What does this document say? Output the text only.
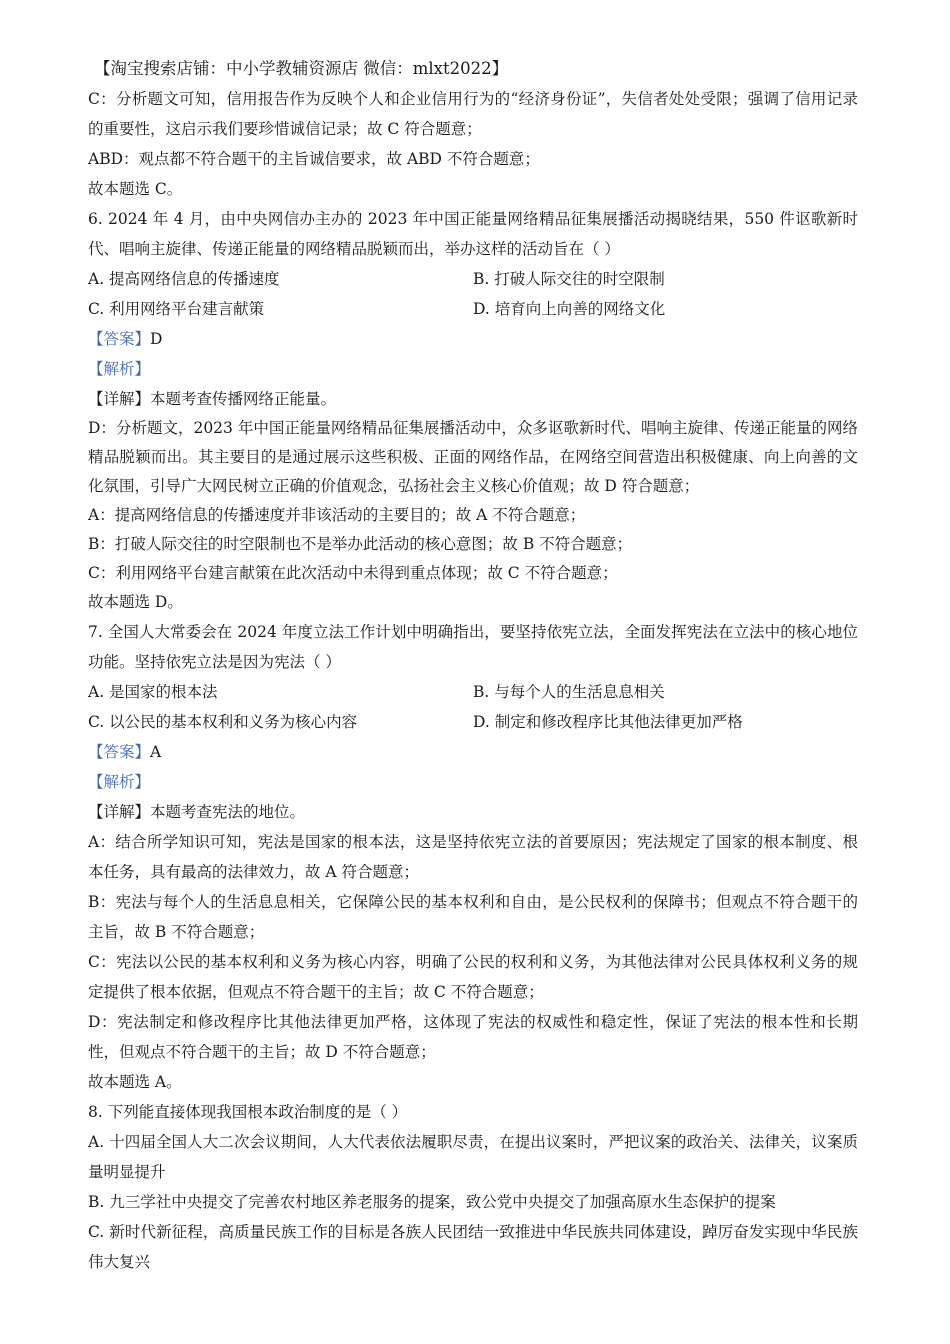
【淘宝搜索店铺：中小学教辅资源店 微信：mlxt2022】
C：分析题文可知，信用报告作为反映个人和企业信用行为的“经济身份证”，失信者处处受限；强调了信用记录的重要性，这启示我们要珍惜诚信记录；故 C 符合题意；
ABD：观点都不符合题干的主旨诚信要求，故 ABD 不符合题意；
故本题选 C。
6. 2024 年 4 月，由中央网信办主办的 2023 年中国正能量网络精品征集展播活动揭晓结果，550 件讴歌新时代、唱响主旋律、传递正能量的网络精品脱颖而出，举办这样的活动旨在（ ）
A. 提高网络信息的传播速度	B. 打破人际交往的时空限制
C. 利用网络平台建言献策	D. 培育向上向善的网络文化
【答案】D
【解析】
【详解】本题考查传播网络正能量。
D：分析题文，2023 年中国正能量网络精品征集展播活动中，众多讴歌新时代、唱响主旋律、传递正能量的网络精品脱颖而出。其主要目的是通过展示这些积极、正面的网络作品，在网络空间营造出积极健康、向上向善的文化氛围，引导广大网民树立正确的价值观念，弘扬社会主义核心价值观；故 D 符合题意；
A：提高网络信息的传播速度并非该活动的主要目的；故 A 不符合题意；
B：打破人际交往的时空限制也不是举办此活动的核心意图；故 B 不符合题意；
C：利用网络平台建言献策在此次活动中未得到重点体现；故 C 不符合题意；
故本题选 D。
7. 全国人大常委会在 2024 年度立法工作计划中明确指出，要坚持依宪立法，全面发挥宪法在立法中的核心地位功能。坚持依宪立法是因为宪法（ ）
A. 是国家的根本法	B. 与每个人的生活息息相关
C. 以公民的基本权利和义务为核心内容	D. 制定和修改程序比其他法律更加严格
【答案】A
【解析】
【详解】本题考查宪法的地位。
A：结合所学知识可知，宪法是国家的根本法，这是坚持依宪立法的首要原因；宪法规定了国家的根本制度、根本任务，具有最高的法律效力，故 A 符合题意；
B：宪法与每个人的生活息息相关，它保障公民的基本权利和自由，是公民权利的保障书；但观点不符合题干的主旨，故 B 不符合题意；
C：宪法以公民的基本权利和义务为核心内容，明确了公民的权利和义务，为其他法律对公民具体权利义务的规定提供了根本依据，但观点不符合题干的主旨；故 C 不符合题意；
D：宪法制定和修改程序比其他法律更加严格，这体现了宪法的权威性和稳定性，保证了宪法的根本性和长期性，但观点不符合题干的主旨；故 D 不符合题意；
故本题选 A。
8. 下列能直接体现我国根本政治制度的是（ ）
A. 十四届全国人大二次会议期间，人大代表依法履职尽责，在提出议案时，严把议案的政治关、法律关，议案质量明显提升
B. 九三学社中央提交了完善农村地区养老服务的提案，致公党中央提交了加强高原水生态保护的提案
C. 新时代新征程，高质量民族工作的目标是各族人民团结一致推进中华民族共同体建设，踔厉奋发实现中华民族伟大复兴
